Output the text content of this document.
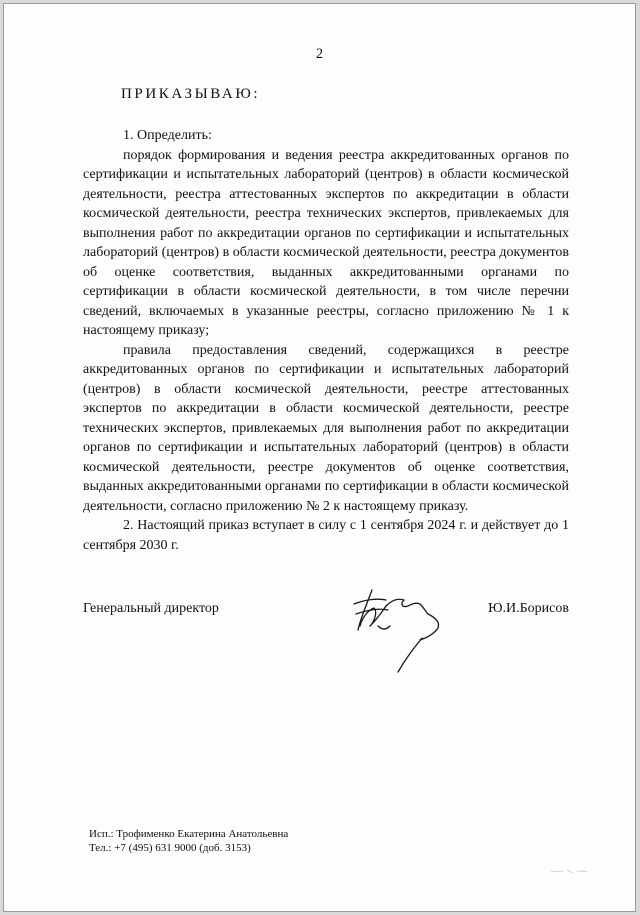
2
ПРИКАЗЫВАЮ:

1. Определить:

порядок формирования и ведения реестра аккредитованных органов по сертификации и испытательных лабораторий (центров) в области космической деятельности, реестра аттестованных экспертов по аккредитации в области космической деятельности, реестра технических экспертов, привлекаемых для выполнения работ по аккредитации органов по сертификации и испытательных лабораторий (центров) в области космической деятельности, реестра документов об оценке соответствия, выданных аккредитованными органами по сертификации в области космической деятельности, в том числе перечни сведений, включаемых в указанные реестры, согласно приложению № 1 к настоящему приказу;

правила предоставления сведений, содержащихся в реестре аккредитованных органов по сертификации и испытательных лабораторий (центров) в области космической деятельности, реестре аттестованных экспертов по аккредитации в области космической деятельности, реестре технических экспертов, привлекаемых для выполнения работ по аккредитации органов по сертификации и испытательных лабораторий (центров) в области космической деятельности, реестре документов об оценке соответствия, выданных аккредитованными органами по сертификации в области космической деятельности, согласно приложению № 2 к настоящему приказу.

2. Настоящий приказ вступает в силу с 1 сентября 2024 г. и действует до 1 сентября 2030 г.

Генеральный директор	Ю.И.Борисов
Исп.: Трофименко Екатерина Анатольевна
Тел.: +7 (495) 631 9000 (доб. 3153)
